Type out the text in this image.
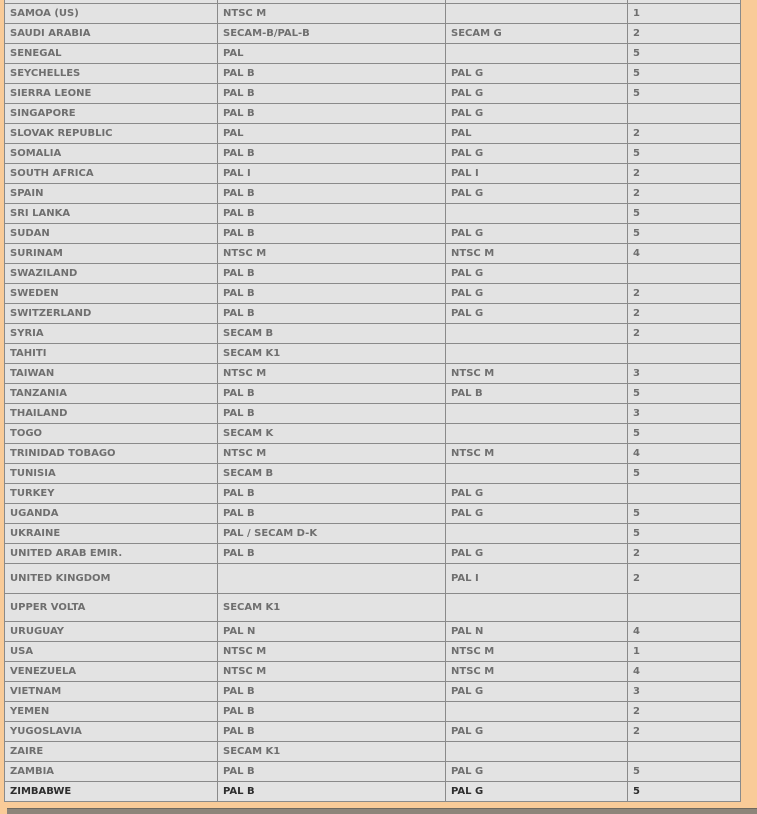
SAMOA (US)	NTSC M		1
SAUDI ARABIA	SECAM-B/PAL-B	SECAM G	2
SENEGAL	PAL		5
SEYCHELLES	PAL B	PAL G	5
SIERRA LEONE	PAL B	PAL G	5
SINGAPORE	PAL B	PAL G	
SLOVAK REPUBLIC	PAL	PAL	2
SOMALIA	PAL B	PAL G	5
SOUTH AFRICA	PAL I	PAL I	2
SPAIN	PAL B	PAL G	2
SRI LANKA	PAL B		5
SUDAN	PAL B	PAL G	5
SURINAM	NTSC M	NTSC M	4
SWAZILAND	PAL B	PAL G	
SWEDEN	PAL B	PAL G	2
SWITZERLAND	PAL B	PAL G	2
SYRIA	SECAM B		2
TAHITI	SECAM K1		
TAIWAN	NTSC M	NTSC M	3
TANZANIA	PAL B	PAL B	5
THAILAND	PAL B		3
TOGO	SECAM K		5
TRINIDAD TOBAGO	NTSC M	NTSC M	4
TUNISIA	SECAM B		5
TURKEY	PAL B	PAL G	
UGANDA	PAL B	PAL G	5
UKRAINE	PAL / SECAM D-K		5
UNITED ARAB EMIR.	PAL B	PAL G	2
UNITED KINGDOM		PAL I	2
UPPER VOLTA	SECAM K1		
URUGUAY	PAL N	PAL N	4
USA	NTSC M	NTSC M	1
VENEZUELA	NTSC M	NTSC M	4
VIETNAM	PAL B	PAL G	3
YEMEN	PAL B		2
YUGOSLAVIA	PAL B	PAL G	2
ZAIRE	SECAM K1		
ZAMBIA	PAL B	PAL G	5
ZIMBABWE	PAL B	PAL G	5
